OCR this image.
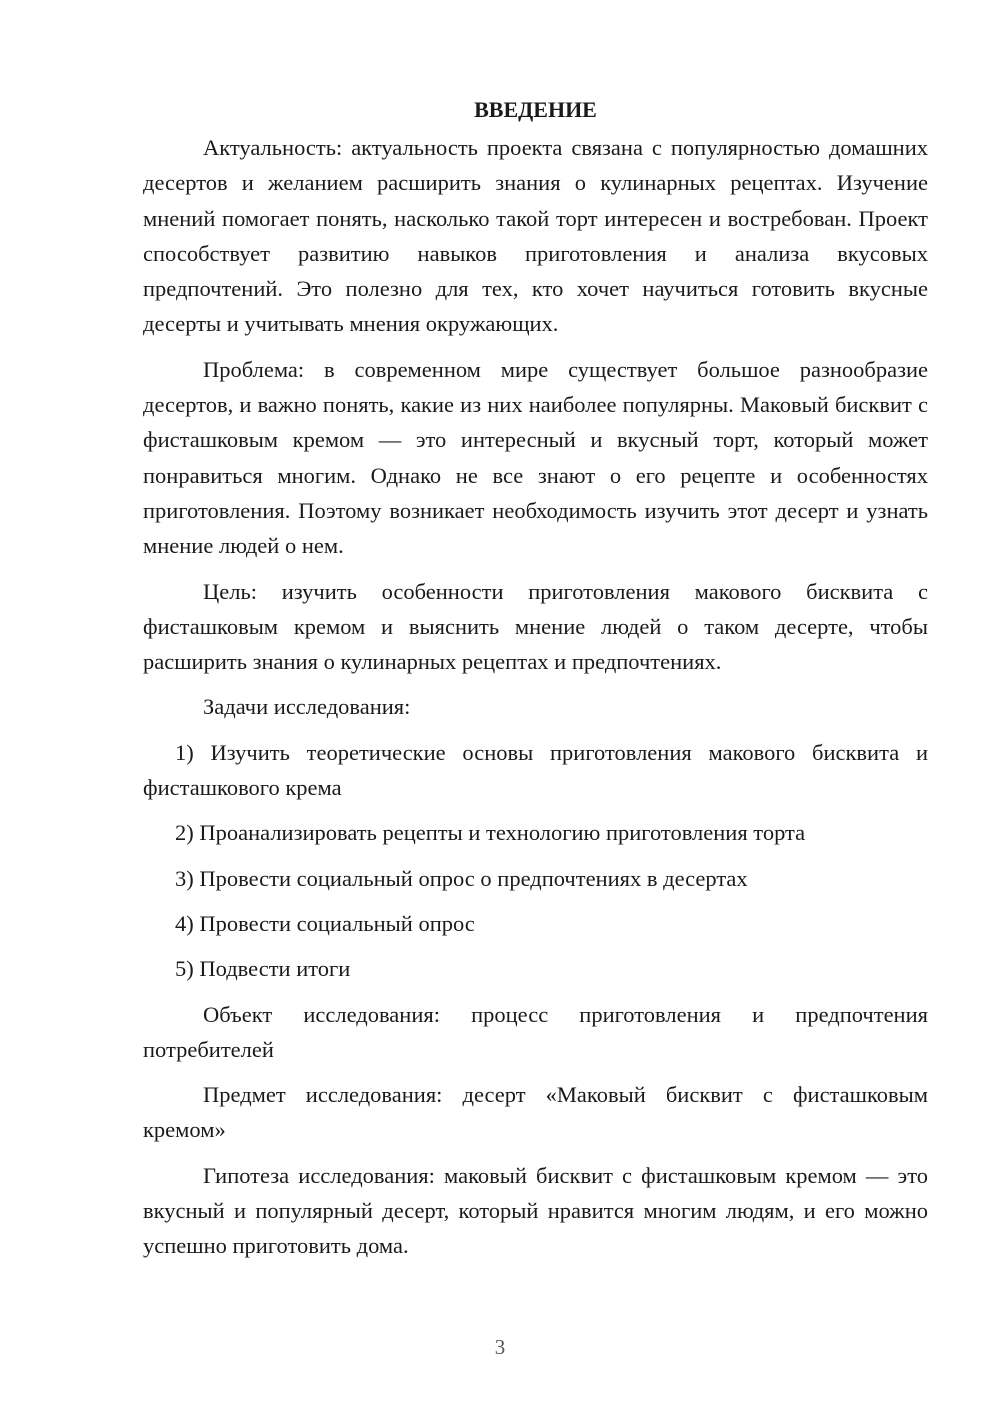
ВВЕДЕНИЕ

Актуальность: актуальность проекта связана с популярностью домашних десертов и желанием расширить знания о кулинарных рецептах. Изучение мнений помогает понять, насколько такой торт интересен и востребован. Проект способствует развитию навыков приготовления и анализа вкусовых предпочтений. Это полезно для тех, кто хочет научиться готовить вкусные десерты и учитывать мнения окружающих.

Проблема: в современном мире существует большое разнообразие десертов, и важно понять, какие из них наиболее популярны. Маковый бисквит с фисташковым кремом — это интересный и вкусный торт, который может понравиться многим. Однако не все знают о его рецепте и особенностях приготовления. Поэтому возникает необходимость изучить этот десерт и узнать мнение людей о нем.

Цель: изучить особенности приготовления макового бисквита с фисташковым кремом и выяснить мнение людей о таком десерте, чтобы расширить знания о кулинарных рецептах и предпочтениях.

Задачи исследования:

1) Изучить теоретические основы приготовления макового бисквита и фисташкового крема

2) Проанализировать рецепты и технологию приготовления торта

3) Провести социальный опрос о предпочтениях в десертах

4) Провести социальный опрос

5) Подвести итоги

Объект исследования: процесс приготовления и предпочтения потребителей

Предмет исследования: десерт «Маковый бисквит с фисташковым кремом»

Гипотеза исследования: маковый бисквит с фисташковым кремом — это вкусный и популярный десерт, который нравится многим людям, и его можно успешно приготовить дома.

3
